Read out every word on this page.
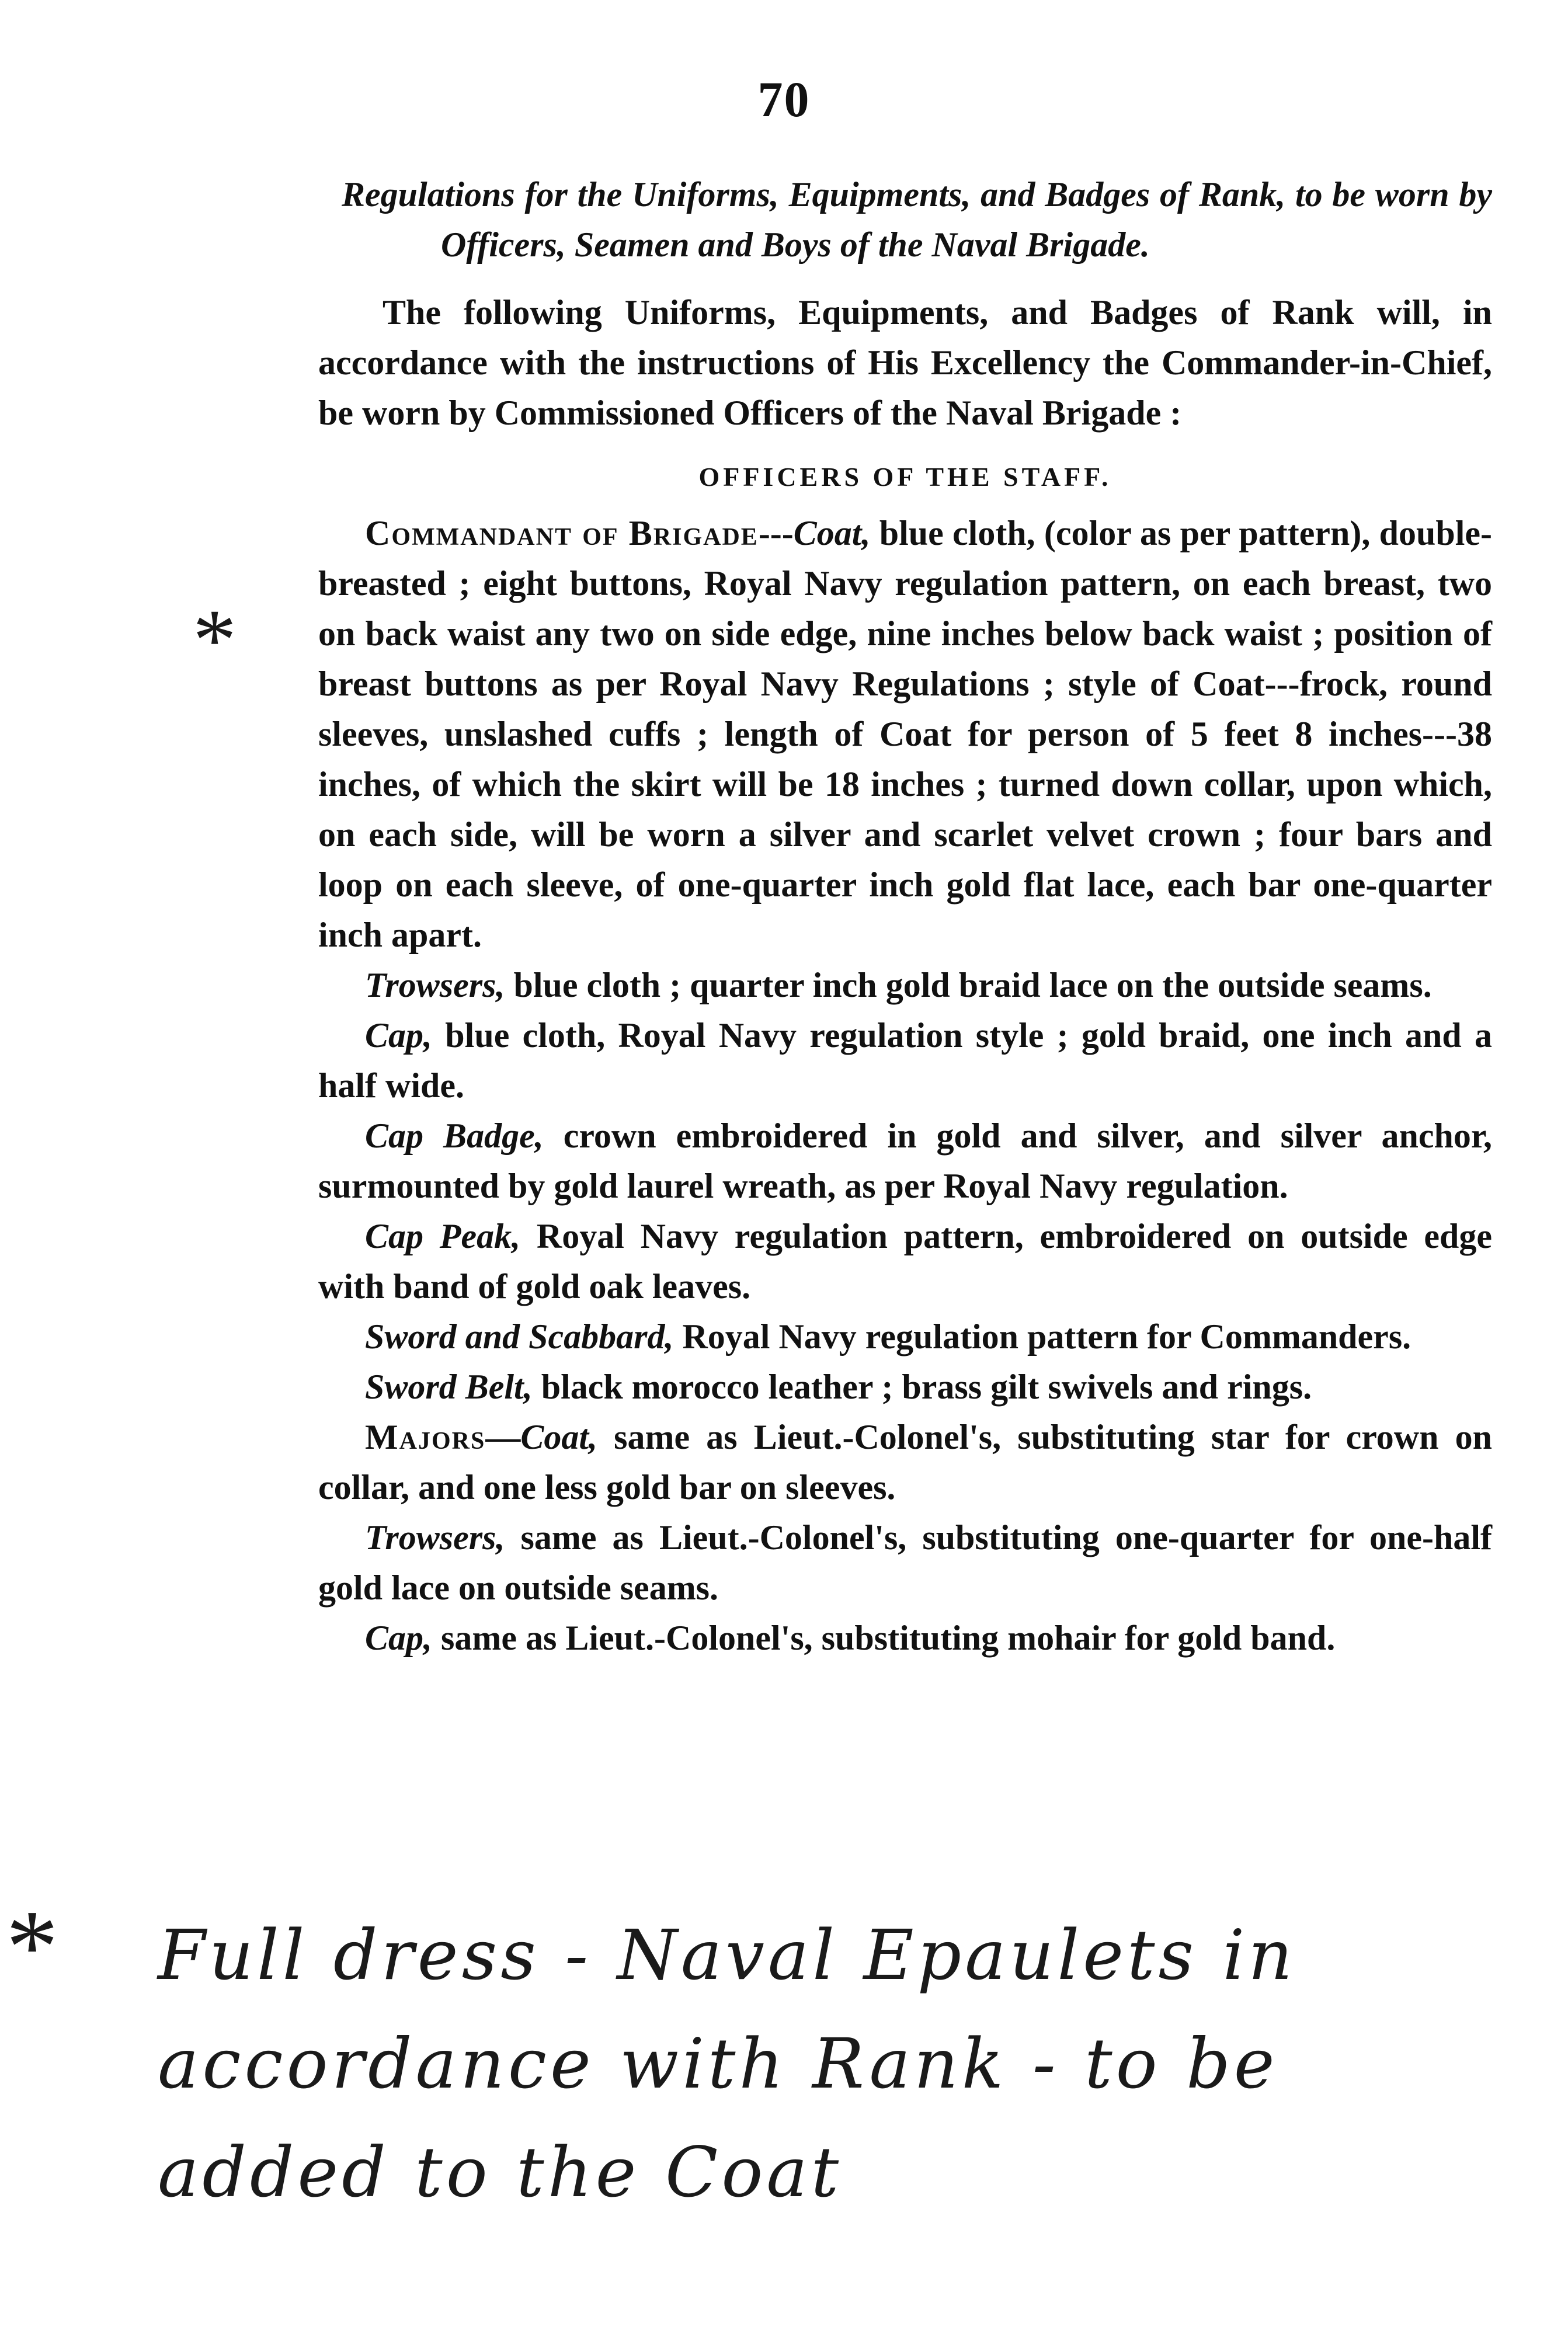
70
*

Regulations for the Uniforms, Equipments, and Badges of Rank, to be worn by Officers, Seamen and Boys of the Naval Brigade.

The following Uniforms, Equipments, and Badges of Rank will, in accordance with the instructions of His Excellency the Commander-in-Chief, be worn by Commissioned Officers of the Naval Brigade :

OFFICERS OF THE STAFF.

Commandant of Brigade---Coat, blue cloth, (color as per pattern), double-breasted ; eight buttons, Royal Navy regulation pattern, on each breast, two on back waist any two on side edge, nine inches below back waist ; position of breast buttons as per Royal Navy Regulations ; style of Coat---frock, round sleeves, unslashed cuffs ; length of Coat for person of 5 feet 8 inches---38 inches, of which the skirt will be 18 inches ; turned down collar, upon which, on each side, will be worn a silver and scarlet velvet crown ; four bars and loop on each sleeve, of one-quarter inch gold flat lace, each bar one-quarter inch apart.

Trowsers, blue cloth ; quarter inch gold braid lace on the outside seams.

Cap, blue cloth, Royal Navy regulation style ; gold braid, one inch and a half wide.

Cap Badge, crown embroidered in gold and silver, and silver anchor, surmounted by gold laurel wreath, as per Royal Navy regulation.

Cap Peak, Royal Navy regulation pattern, embroidered on outside edge with band of gold oak leaves.

Sword and Scabbard, Royal Navy regulation pattern for Commanders.

Sword Belt, black morocco leather ; brass gilt swivels and rings.

Majors—Coat, same as Lieut.-Colonel's, substituting star for crown on collar, and one less gold bar on sleeves.

Trowsers, same as Lieut.-Colonel's, substituting one-quarter for one-half gold lace on outside seams.

Cap, same as Lieut.-Colonel's, substituting mohair for gold band.

* Full dress - Naval Epaulets in accordance with Rank - to be added to the Coat
